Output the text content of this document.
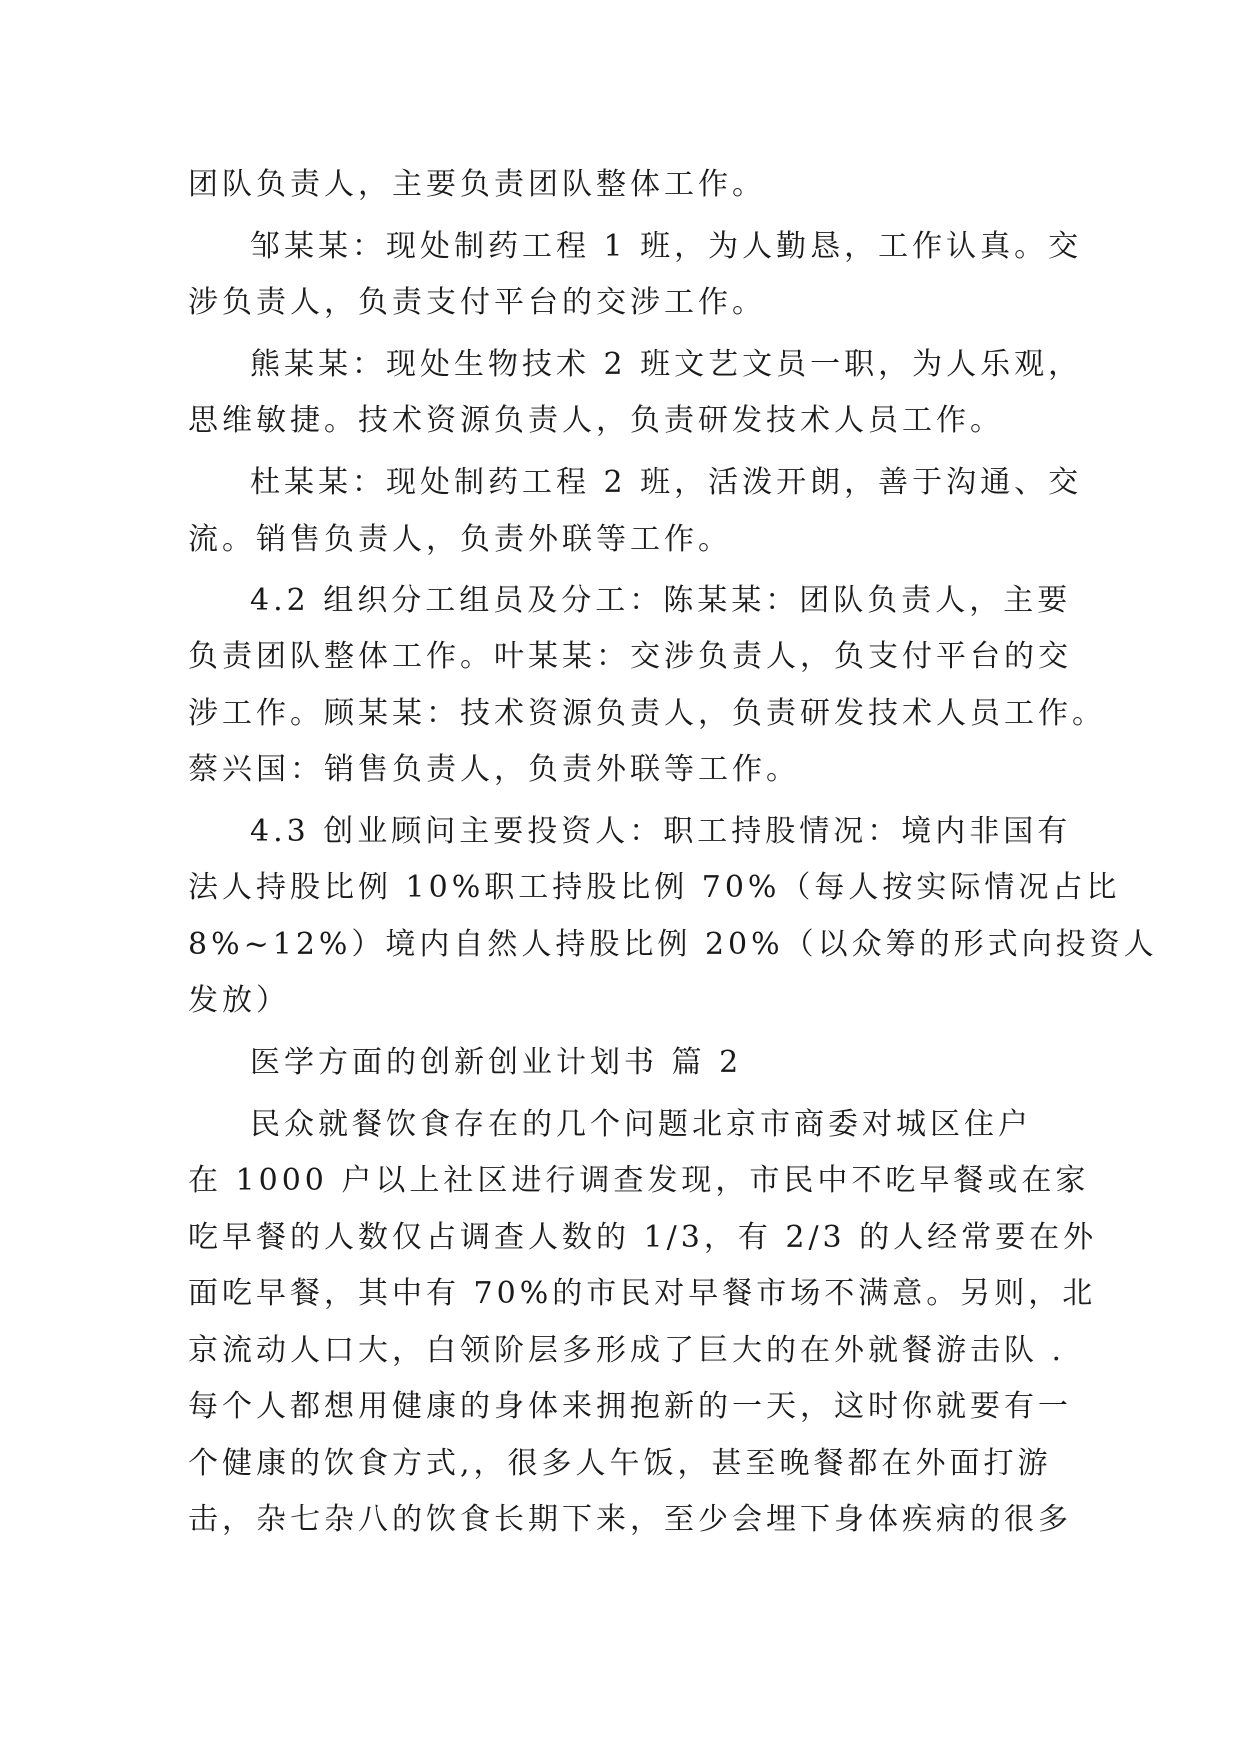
团队负责人，主要负责团队整体工作。
邹某某：现处制药工程 1 班，为人勤恳，工作认真。交
涉负责人，负责支付平台的交涉工作。
熊某某：现处生物技术 2 班文艺文员一职，为人乐观，
思维敏捷。技术资源负责人，负责研发技术人员工作。
杜某某：现处制药工程 2 班，活泼开朗，善于沟通、交
流。销售负责人，负责外联等工作。
4.2 组织分工组员及分工：陈某某：团队负责人，主要
负责团队整体工作。叶某某：交涉负责人，负支付平台的交
涉工作。顾某某：技术资源负责人，负责研发技术人员工作。
蔡兴国：销售负责人，负责外联等工作。
4.3 创业顾问主要投资人：职工持股情况：境内非国有
法人持股比例 10%职工持股比例 70%（每人按实际情况占比
8%~12%）境内自然人持股比例 20%（以众筹的形式向投资人
发放）
医学方面的创新创业计划书 篇 2
民众就餐饮食存在的几个问题北京市商委对城区住户
在 1000 户以上社区进行调查发现，市民中不吃早餐或在家
吃早餐的人数仅占调查人数的 1/3，有 2/3 的人经常要在外
面吃早餐，其中有 70%的市民对早餐市场不满意。另则，北
京流动人口大，白领阶层多形成了巨大的在外就餐游击队 .
每个人都想用健康的身体来拥抱新的一天，这时你就要有一
个健康的饮食方式,，很多人午饭，甚至晚餐都在外面打游
击，杂七杂八的饮食长期下来，至少会埋下身体疾病的很多
